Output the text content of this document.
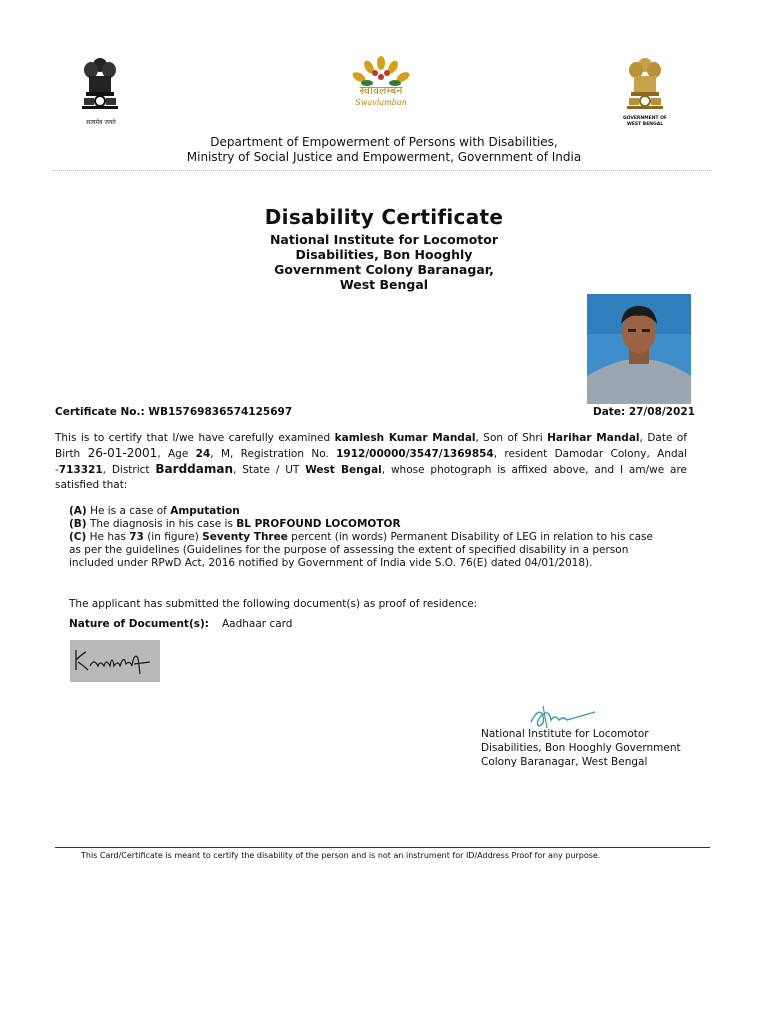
सत्यमेव जयते
स्वावलम्बन
Swavlamban
GOVERNMENT OF
WEST BENGAL
Department of Empowerment of Persons with Disabilities,
Ministry of Social Justice and Empowerment, Government of India
Disability Certificate
National Institute for Locomotor
Disabilities, Bon Hooghly
Government Colony Baranagar,
West Bengal
Certificate No.: WB15769836574125697	Date: 27/08/2021
This is to certify that I/we have carefully examined kamlesh Kumar Mandal, Son of Shri Harihar Mandal, Date of Birth 26-01-2001, Age 24, M, Registration No. 1912/00000/3547/1369854, resident Damodar Colony, Andal -713321, District Barddaman, State / UT West Bengal, whose photograph is affixed above, and I am/we are satisfied that:
(A) He is a case of Amputation
(B) The diagnosis in his case is BL PROFOUND LOCOMOTOR
(C) He has 73 (in figure) Seventy Three percent (in words) Permanent Disability of LEG in relation to his case as per the guidelines (Guidelines for the purpose of assessing the extent of specified disability in a person included under RPwD Act, 2016 notified by Government of India vide S.O. 76(E) dated 04/01/2018).
The applicant has submitted the following document(s) as proof of residence:
Nature of Document(s): Aadhaar card
National Institute for Locomotor
Disabilities, Bon Hooghly Government
Colony Baranagar, West Bengal
This Card/Certificate is meant to certify the disability of the person and is not an instrument for ID/Address Proof for any purpose.
